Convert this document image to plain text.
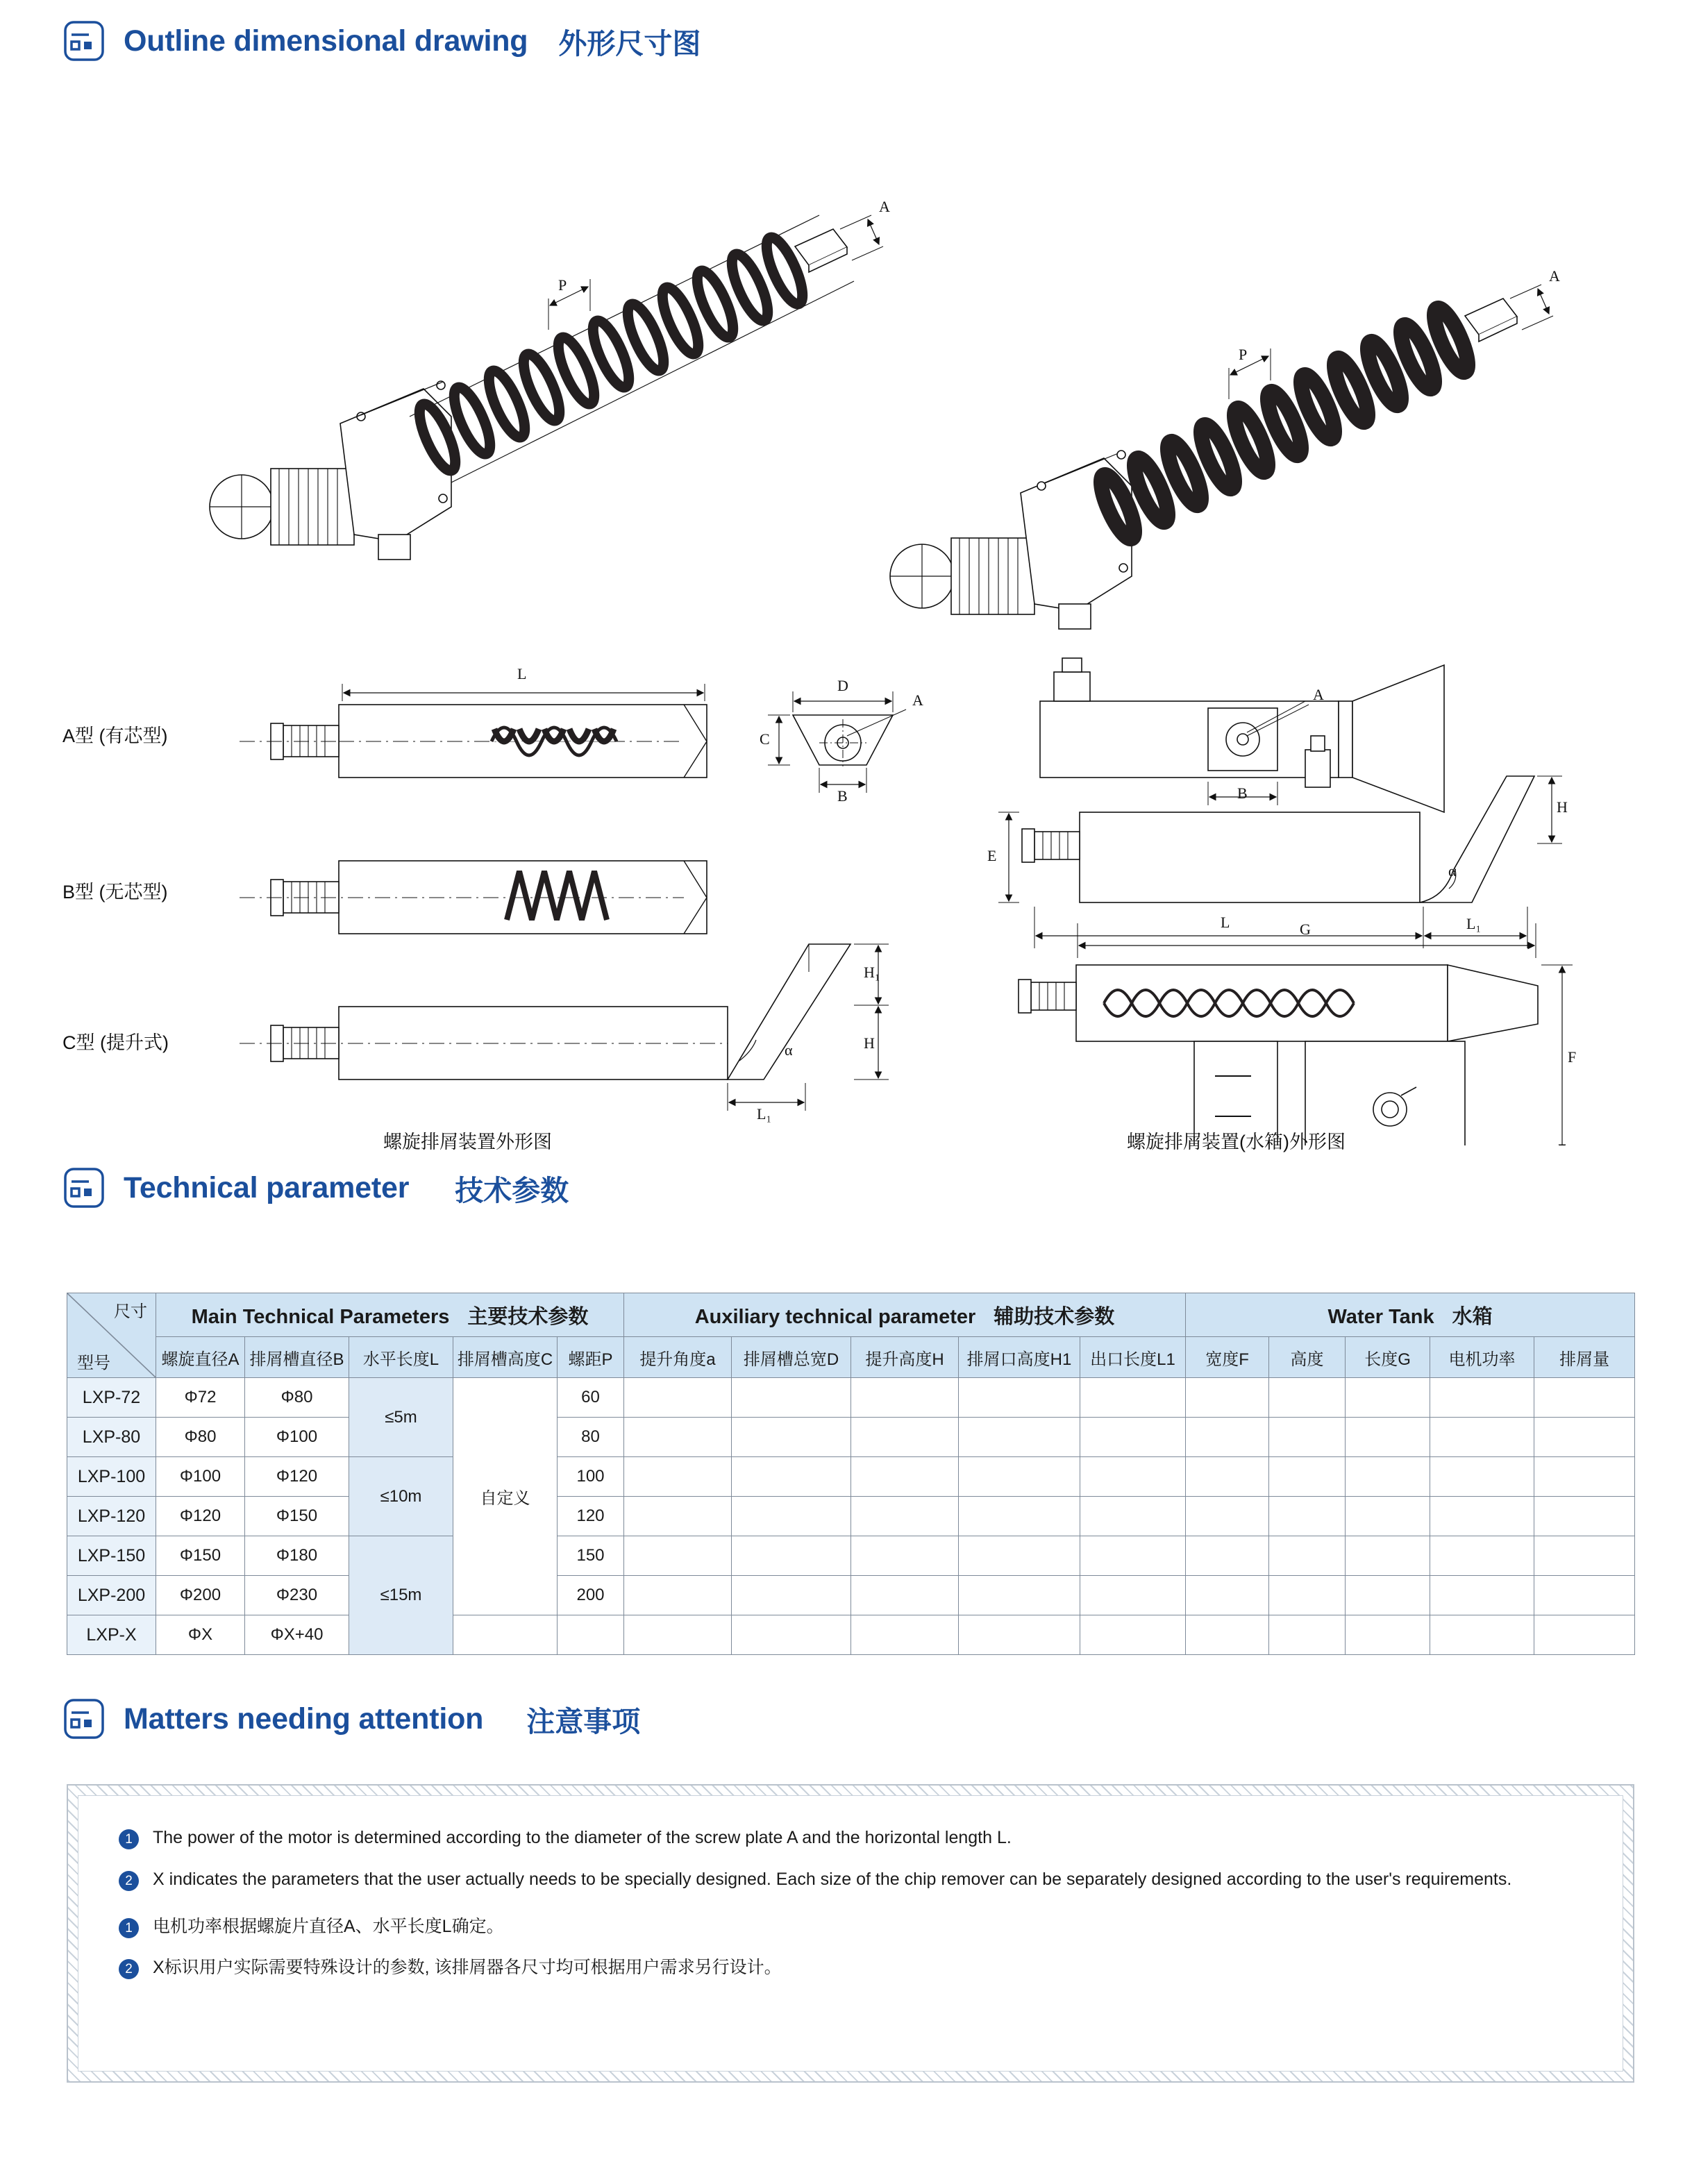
Outline dimensional drawing 外形尺寸图
A型 (有芯型)
B型 (无芯型)
C型 (提升式)
螺旋排屑装置外形图	螺旋排屑装置(水箱)外形图
A
P
A
P
L
D
A
C
B
A
B
E
L	L₁
H
α
G
F
H₁
H
L₁
α
Technical parameter 技术参数
尺寸
型号	Main Technical Parameters 主要技术参数					Auxiliary technical parameter 辅助技术参数					Water Tank 水箱				
	螺旋直径A	排屑槽直径B	水平长度L	排屑槽高度C	螺距P	提升角度a	排屑槽总宽D	提升高度H	排屑口高度H1	出口长度L1	宽度F	高度	长度G	电机功率	排屑量
LXP-72	Φ72	Φ80	≤5m	自定义	60										
LXP-80	Φ80	Φ100			80										
LXP-100	Φ100	Φ120	≤10m		100										
LXP-120	Φ120	Φ150			120										
LXP-150	Φ150	Φ180	≤15m		150										
LXP-200	Φ200	Φ230			200										
LXP-X	ΦX	ΦX+40													
Matters needing attention 注意事项
1	The power of the motor is determined according to the diameter of the screw plate A and the horizontal length L.
2	X indicates the parameters that the user actually needs to be specially designed. Each size of the chip remover can be separately designed according to the user's requirements.
1	电机功率根据螺旋片直径A、水平长度L确定。
2	X标识用户实际需要特殊设计的参数, 该排屑器各尺寸均可根据用户需求另行设计。
